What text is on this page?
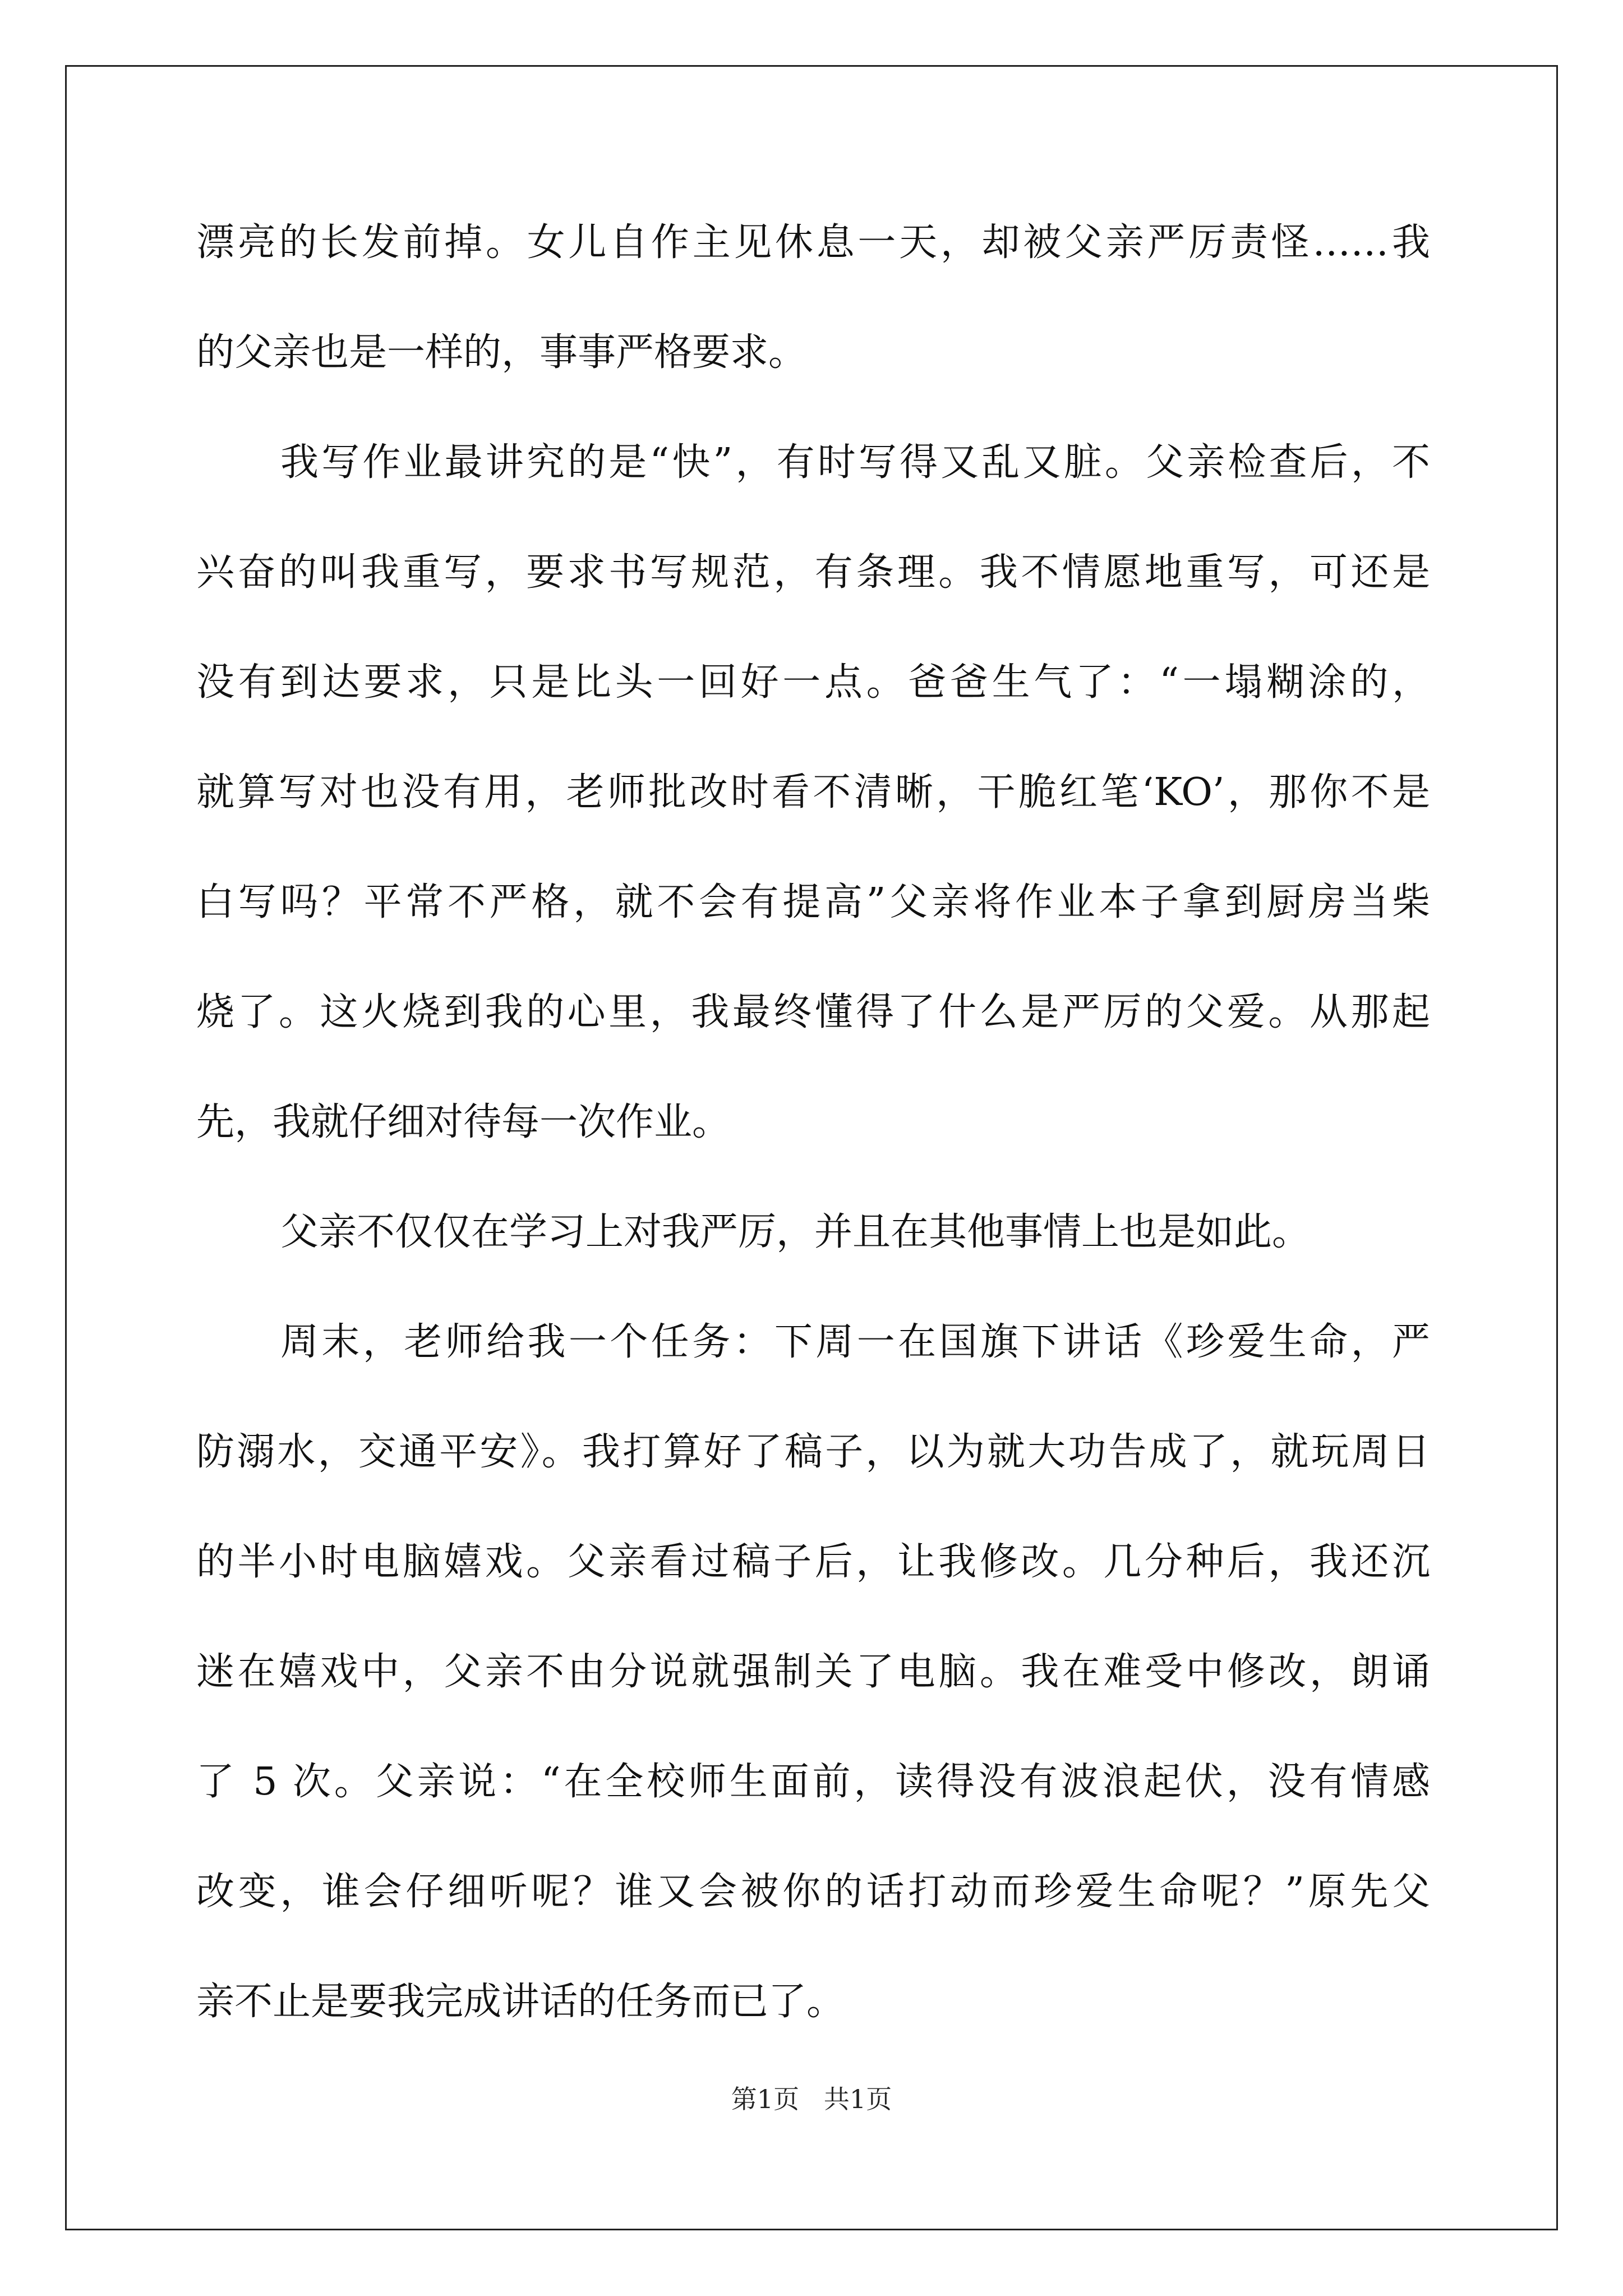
漂亮的长发前掉。女儿自作主见休息一天，却被父亲严厉责怪……我
的父亲也是一样的，事事严格要求。
我写作业最讲究的是“快”，有时写得又乱又脏。父亲检查后，不
兴奋的叫我重写，要求书写规范，有条理。我不情愿地重写，可还是
没有到达要求，只是比头一回好一点。爸爸生气了：“一塌糊涂的，
就算写对也没有用，老师批改时看不清晰，干脆红笔‘KO’，那你不是
白写吗？平常不严格，就不会有提高”父亲将作业本子拿到厨房当柴
烧了。这火烧到我的心里，我最终懂得了什么是严厉的父爱。从那起
先，我就仔细对待每一次作业。
父亲不仅仅在学习上对我严厉，并且在其他事情上也是如此。
周末，老师给我一个任务：下周一在国旗下讲话《珍爱生命，严
防溺水，交通平安》。我打算好了稿子，以为就大功告成了，就玩周日
的半小时电脑嬉戏。父亲看过稿子后，让我修改。几分种后，我还沉
迷在嬉戏中，父亲不由分说就强制关了电脑。我在难受中修改，朗诵
了 5 次。父亲说：“在全校师生面前，读得没有波浪起伏，没有情感
改变，谁会仔细听呢？谁又会被你的话打动而珍爱生命呢？”原先父
亲不止是要我完成讲话的任务而已了。
第1页   共1页
